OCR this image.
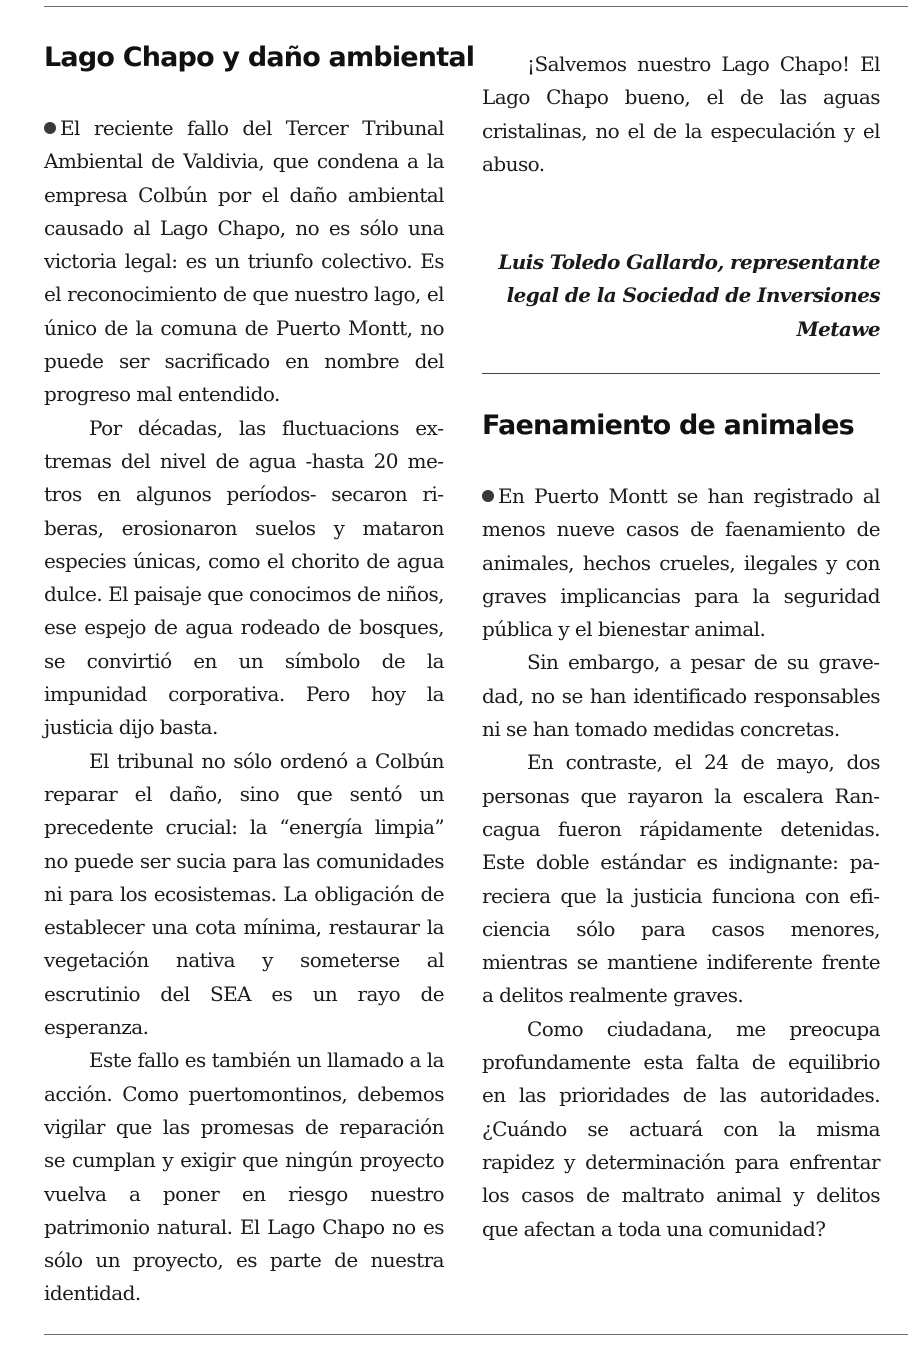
Lago Chapo y daño ambiental

El reciente fallo del Tercer Tribunal Ambiental de Valdivia, que condena a la empresa Colbún por el daño ambiental causado al Lago Chapo, no es sólo una victoria legal: es un triunfo colectivo. Es el reconocimiento de que nuestro lago, el único de la comuna de Puerto Montt, no puede ser sacrificado en nombre del progreso mal entendido.

Por décadas, las fluctuacions extremas del nivel de agua -hasta 20 metros en algunos períodos- secaron riberas, erosionaron suelos y mataron especies únicas, como el chorito de agua dulce. El paisaje que conocimos de niños, ese espejo de agua rodeado de bosques, se convirtió en un símbolo de la impunidad corporativa. Pero hoy la justicia dijo basta.

El tribunal no sólo ordenó a Colbún reparar el daño, sino que sentó un precedente crucial: la “energía limpia” no puede ser sucia para las comunidades ni para los ecosistemas. La obligación de establecer una cota mínima, restaurar la vegetación nativa y someterse al escrutinio del SEA es un rayo de esperanza.

Este fallo es también un llamado a la acción. Como puertomontinos, debemos vigilar que las promesas de reparación se cumplan y exigir que ningún proyecto vuelva a poner en riesgo nuestro patrimonio natural. El Lago Chapo no es sólo un proyecto, es parte de nuestra identidad.

¡Salvemos nuestro Lago Chapo! El Lago Chapo bueno, el de las aguas cristalinas, no el de la especulación y el abuso.

Luis Toledo Gallardo, representante legal de la Sociedad de Inversiones Metawe

Faenamiento de animales

En Puerto Montt se han registrado al menos nueve casos de faenamiento de animales, hechos crueles, ilegales y con graves implicancias para la seguridad pública y el bienestar animal.

Sin embargo, a pesar de su gravedad, no se han identificado responsables ni se han tomado medidas concretas.

En contraste, el 24 de mayo, dos personas que rayaron la escalera Rancagua fueron rápidamente detenidas. Este doble estándar es indignante: pareciera que la justicia funciona con eficiencia sólo para casos menores, mientras se mantiene indiferente frente a delitos realmente graves.

Como ciudadana, me preocupa profundamente esta falta de equilibrio en las prioridades de las autoridades. ¿Cuándo se actuará con la misma rapidez y determinación para enfrentar los casos de maltrato animal y delitos que afectan a toda una comunidad?
